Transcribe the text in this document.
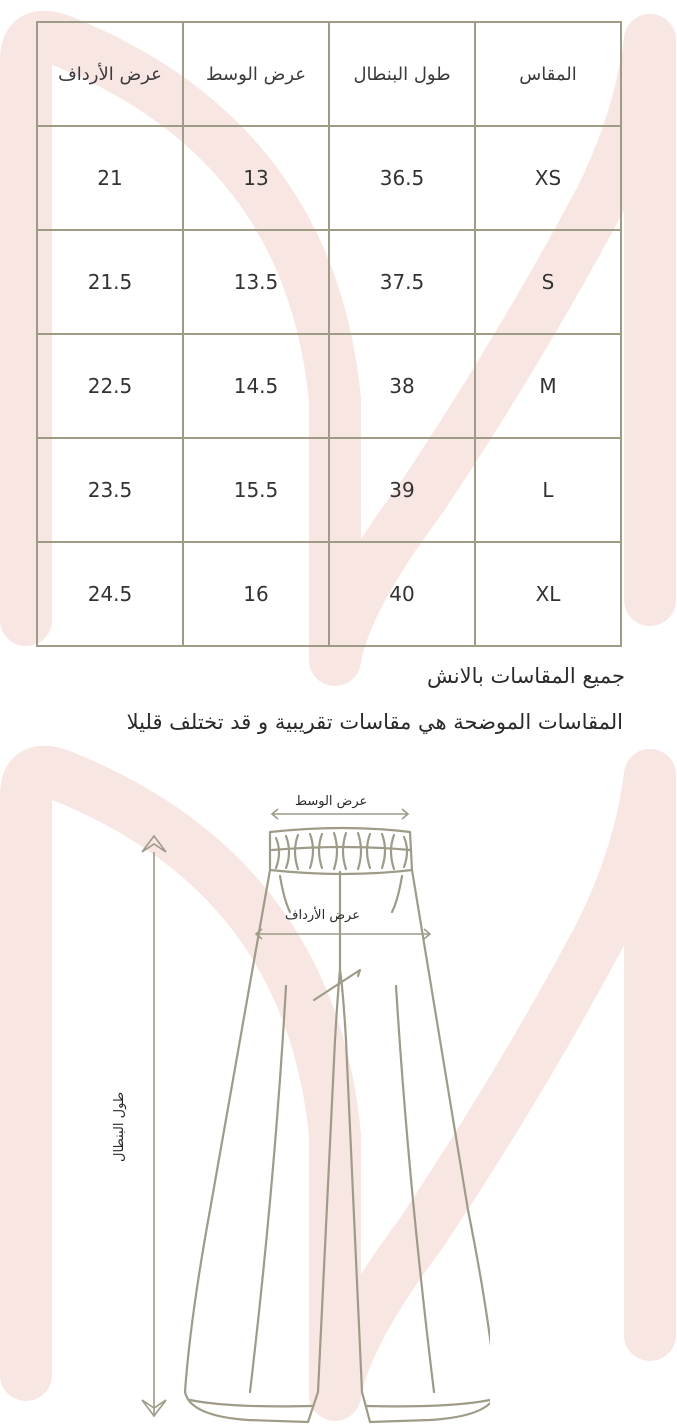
المقاس	طول البنطال	عرض الوسط	عرض الأرداف
XS	36.5	13	21
S	37.5	13.5	21.5
M	38	14.5	22.5
L	39	15.5	23.5
XL	40	16	24.5
جميع المقاسات بالانش
المقاسات الموضحة هي مقاسات تقريبية و قد تختلف قليلا
عرض الوسط
عرض الأرداف
طول البنطال
